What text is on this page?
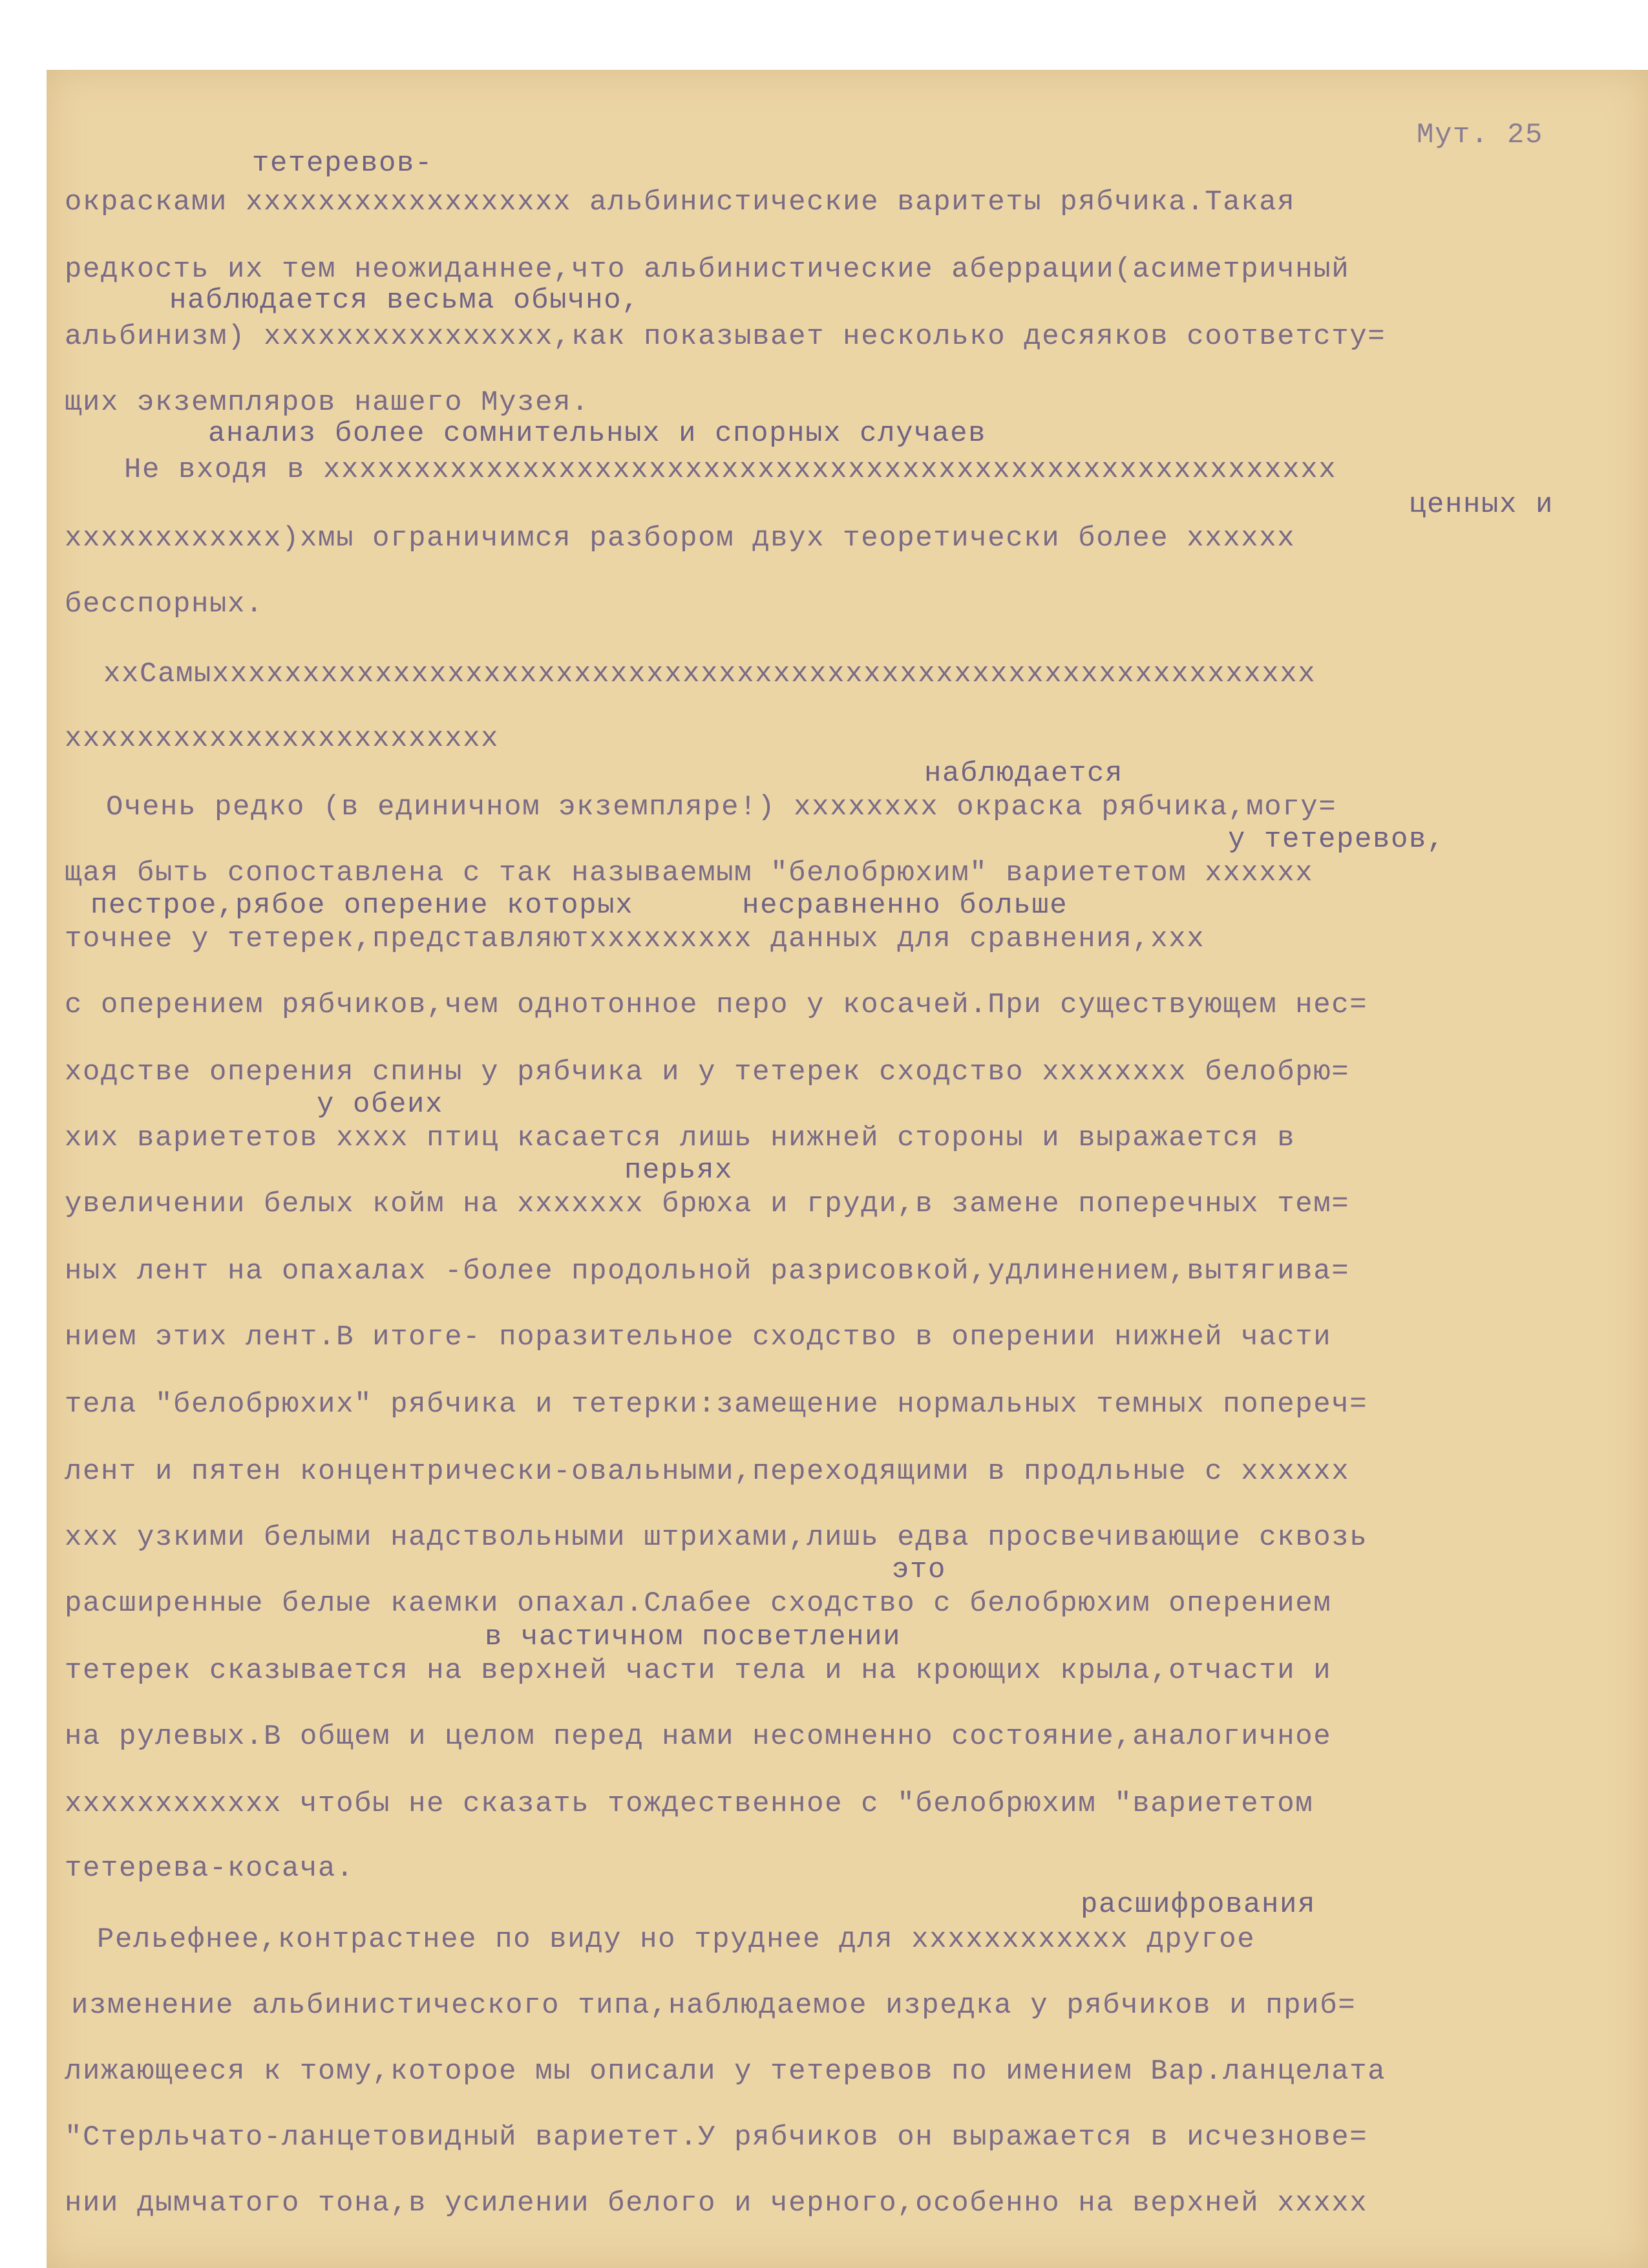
Мут. 25
тетеревов-
окрасками хххххххххххххххххх альбинистические варитеты рябчика.Такая
редкость их тем неожиданнее,что альбинистические аберрации(асиметричный
наблюдается весьма обычно,
альбинизм) хххххххххххххххх,как показывает несколько десяяков соответсту=
щих экземпляров нашего Музея.
анализ более сомнительных и спорных случаев
Не входя в хххххххххххххххххххххххххххххххххххххххххххххххххххххххх
ценных и
хххххххххххх)хмы ограничимся разбором двух теоретически более хххххх
бесспорных.
ххСамыххххххххххххххххххххххххххххххххххххххххххххххххххххххххххххх
хххххххххххххххххххххххх
наблюдается
Очень редко (в единичном экземпляре!) хххххххх окраска рябчика,могу=
у тетеревов,
щая быть сопоставлена с так называемым "белобрюхим" вариететом хххххх
пестрое,рябое оперение которых      несравненно больше
точнее у тетерек,представляютххххххххх данных для сравнения,ххх
с оперением рябчиков,чем однотонное перо у косачей.При существующем нес=
ходстве оперения спины у рябчика и у тетерек сходство хххххххх белобрю=
у обеих
хих вариететов хххх птиц касается лишь нижней стороны и выражается в
перьях
увеличении белых койм на ххххххх брюха и груди,в замене поперечных тем=
ных лент на опахалах -более продольной разрисовкой,удлинением,вытягива=
нием этих лент.В итоге- поразительное сходство в оперении нижней части
тела "белобрюхих" рябчика и тетерки:замещение нормальных темных попереч=
лент и пятен концентрически-овальными,переходящими в продльные с хххххх
ххх узкими белыми надствольными штрихами,лишь едва просвечивающие сквозь
это
расширенные белые каемки опахал.Слабее сходство с белобрюхим оперением
в частичном посветлении
тетерек сказывается на верхней части тела и на кроющих крыла,отчасти и
на рулевых.В общем и целом перед нами несомненно состояние,аналогичное
хххххххххххх чтобы не сказать тождественное с "белобрюхим "вариететом
тетерева-косача.
расшифрования
Рельефнее,контрастнее по виду но труднее для хххххххххххх другое
изменение альбинистического типа,наблюдаемое изредка у рябчиков и приб=
лижающееся к тому,которое мы описали у тетеревов по имением Вар.ланцелата
"Стерльчато-ланцетовидный вариетет.У рябчиков он выражается в исчезнове=
нии дымчатого тона,в усилении белого и черного,особенно на верхней ххххх
